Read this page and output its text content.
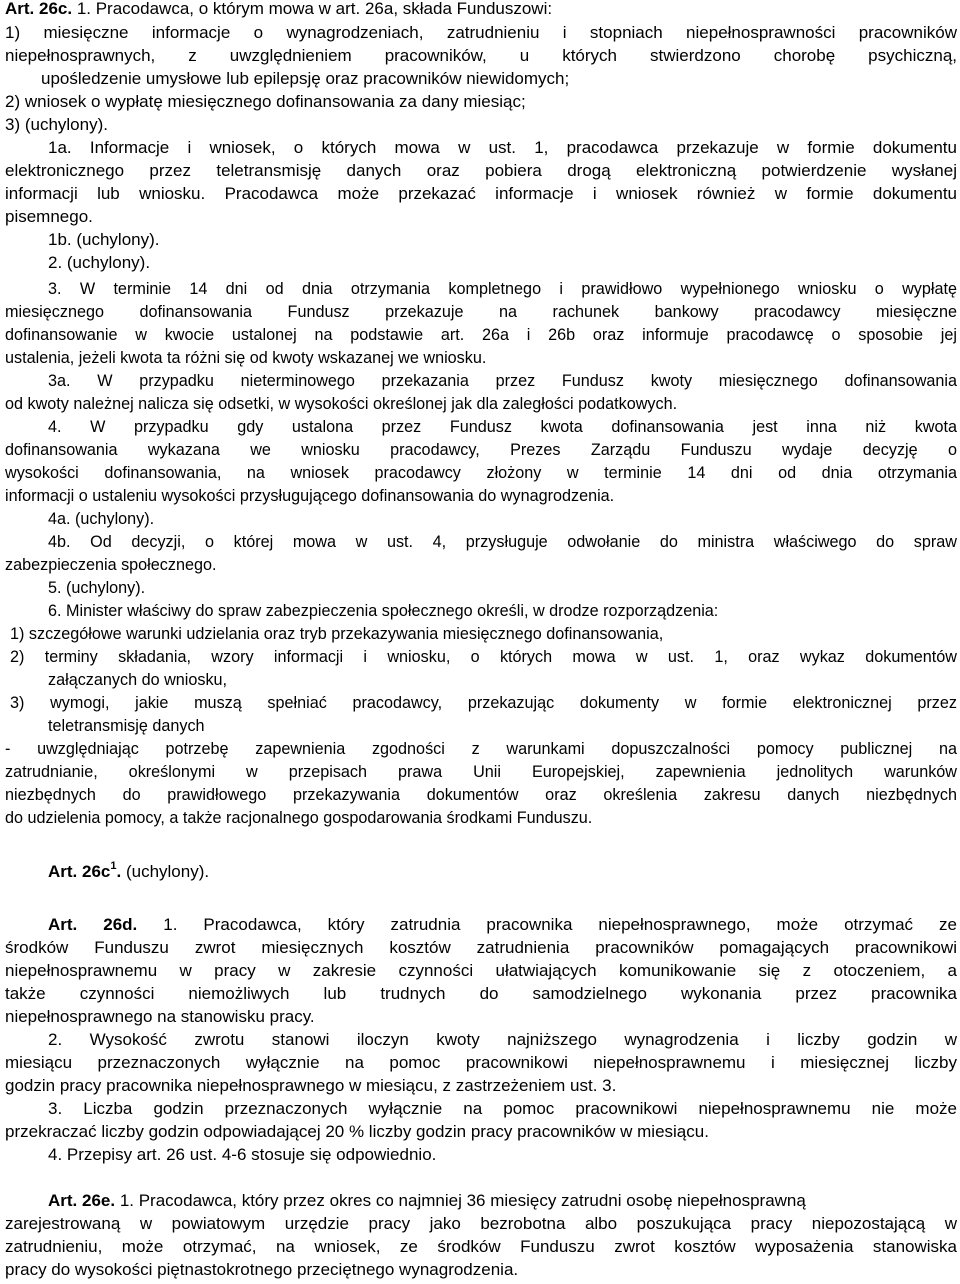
Art. 26c. 1. Pracodawca, o którym mowa w art. 26a, składa Funduszowi:
1) miesięczne informacje o wynagrodzeniach, zatrudnieniu i stopniach niepełnosprawności pracowników
niepełnosprawnych, z uwzględnieniem pracowników, u których stwierdzono chorobę psychiczną,
upośledzenie umysłowe lub epilepsję oraz pracowników niewidomych;
2) wniosek o wypłatę miesięcznego dofinansowania za dany miesiąc;
3) (uchylony).
1a. Informacje i wniosek, o których mowa w ust. 1, pracodawca przekazuje w formie dokumentu
elektronicznego przez teletransmisję danych oraz pobiera drogą elektroniczną potwierdzenie wysłanej
informacji lub wniosku. Pracodawca może przekazać informacje i wniosek również w formie dokumentu
pisemnego.
1b. (uchylony).
2. (uchylony).
3. W terminie 14 dni od dnia otrzymania kompletnego i prawidłowo wypełnionego wniosku o wypłatę
miesięcznego dofinansowania Fundusz przekazuje na rachunek bankowy pracodawcy miesięczne
dofinansowanie w kwocie ustalonej na podstawie art. 26a i 26b oraz informuje pracodawcę o sposobie jej
ustalenia, jeżeli kwota ta różni się od kwoty wskazanej we wniosku.
3a. W przypadku nieterminowego przekazania przez Fundusz kwoty miesięcznego dofinansowania
od kwoty należnej nalicza się odsetki, w wysokości określonej jak dla zaległości podatkowych.
4. W przypadku gdy ustalona przez Fundusz kwota dofinansowania jest inna niż kwota
dofinansowania wykazana we wniosku pracodawcy, Prezes Zarządu Funduszu wydaje decyzję o
wysokości dofinansowania, na wniosek pracodawcy złożony w terminie 14 dni od dnia otrzymania
informacji o ustaleniu wysokości przysługującego dofinansowania do wynagrodzenia.
4a. (uchylony).
4b. Od decyzji, o której mowa w ust. 4, przysługuje odwołanie do ministra właściwego do spraw
zabezpieczenia społecznego.
5. (uchylony).
6. Minister właściwy do spraw zabezpieczenia społecznego określi, w drodze rozporządzenia:
1) szczegółowe warunki udzielania oraz tryb przekazywania miesięcznego dofinansowania,
2) terminy składania, wzory informacji i wniosku, o których mowa w ust. 1, oraz wykaz dokumentów
załączanych do wniosku,
3) wymogi, jakie muszą spełniać pracodawcy, przekazując dokumenty w formie elektronicznej przez
teletransmisję danych
- uwzględniając potrzebę zapewnienia zgodności z warunkami dopuszczalności pomocy publicznej na
zatrudnianie, określonymi w przepisach prawa Unii Europejskiej, zapewnienia jednolitych warunków
niezbędnych do prawidłowego przekazywania dokumentów oraz określenia zakresu danych niezbędnych
do udzielenia pomocy, a także racjonalnego gospodarowania środkami Funduszu.
Art. $26c^1$. (uchylony).
Art. 26d. 1. Pracodawca, który zatrudnia pracownika niepełnosprawnego, może otrzymać ze
środków Funduszu zwrot miesięcznych kosztów zatrudnienia pracowników pomagających pracownikowi
niepełnosprawnemu w pracy w zakresie czynności ułatwiających komunikowanie się z otoczeniem, a
także czynności niemożliwych lub trudnych do samodzielnego wykonania przez pracownika
niepełnosprawnego na stanowisku pracy.
2. Wysokość zwrotu stanowi iloczyn kwoty najniższego wynagrodzenia i liczby godzin w
miesiącu przeznaczonych wyłącznie na pomoc pracownikowi niepełnosprawnemu i miesięcznej liczby
godzin pracy pracownika niepełnosprawnego w miesiącu, z zastrzeżeniem ust. 3.
3. Liczba godzin przeznaczonych wyłącznie na pomoc pracownikowi niepełnosprawnemu nie może
przekraczać liczby godzin odpowiadającej 20 % liczby godzin pracy pracowników w miesiącu.
4. Przepisy art. 26 ust. 4-6 stosuje się odpowiednio.
Art. 26e. 1. Pracodawca, który przez okres co najmniej 36 miesięcy zatrudni osobę niepełnosprawną
zarejestrowaną w powiatowym urzędzie pracy jako bezrobotna albo poszukująca pracy niepozostającą w
zatrudnieniu, może otrzymać, na wniosek, ze środków Funduszu zwrot kosztów wyposażenia stanowiska
pracy do wysokości piętnastokrotnego przeciętnego wynagrodzenia.
